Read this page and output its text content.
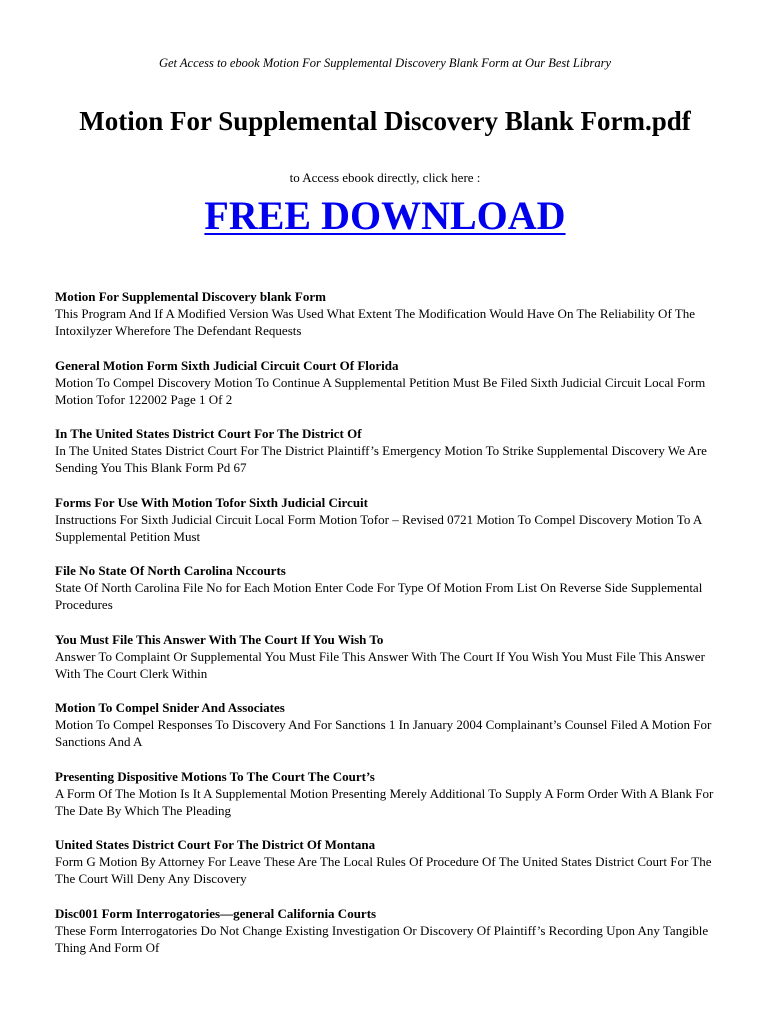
Get Access to ebook Motion For Supplemental Discovery Blank Form at Our Best Library
Motion For Supplemental Discovery Blank Form.pdf
to Access ebook directly, click here :
FREE DOWNLOAD
Motion For Supplemental Discovery blank Form
This Program And If A Modified Version Was Used What Extent The Modification Would Have On The Reliability Of The Intoxilyzer Wherefore The Defendant Requests
General Motion Form Sixth Judicial Circuit Court Of Florida
Motion To Compel Discovery Motion To Continue A Supplemental Petition Must Be Filed Sixth Judicial Circuit Local Form Motion Tofor 122002 Page 1 Of 2
In The United States District Court For The District Of
In The United States District Court For The District Plaintiff’s Emergency Motion To Strike Supplemental Discovery We Are Sending You This Blank Form Pd 67
Forms For Use With Motion Tofor Sixth Judicial Circuit
Instructions For Sixth Judicial Circuit Local Form Motion Tofor – Revised 0721 Motion To Compel Discovery Motion To A Supplemental Petition Must
File No State Of North Carolina Nccourts
State Of North Carolina File No for Each Motion Enter Code For Type Of Motion From List On Reverse Side Supplemental Procedures
You Must File This Answer With The Court If You Wish To
Answer To Complaint Or Supplemental You Must File This Answer With The Court If You Wish You Must File This Answer With The Court Clerk Within
Motion To Compel Snider And Associates
Motion To Compel Responses To Discovery And For Sanctions 1 In January 2004 Complainant’s Counsel Filed A Motion For Sanctions And A
Presenting Dispositive Motions To The Court The Court’s
A Form Of The Motion Is It A Supplemental Motion Presenting Merely Additional To Supply A Form Order With A Blank For The Date By Which The Pleading
United States District Court For The District Of Montana
Form G Motion By Attorney For Leave These Are The Local Rules Of Procedure Of The United States District Court For The The Court Will Deny Any Discovery
Disc001 Form Interrogatories—general California Courts
These Form Interrogatories Do Not Change Existing Investigation Or Discovery Of Plaintiff’s Recording Upon Any Tangible Thing And Form Of
